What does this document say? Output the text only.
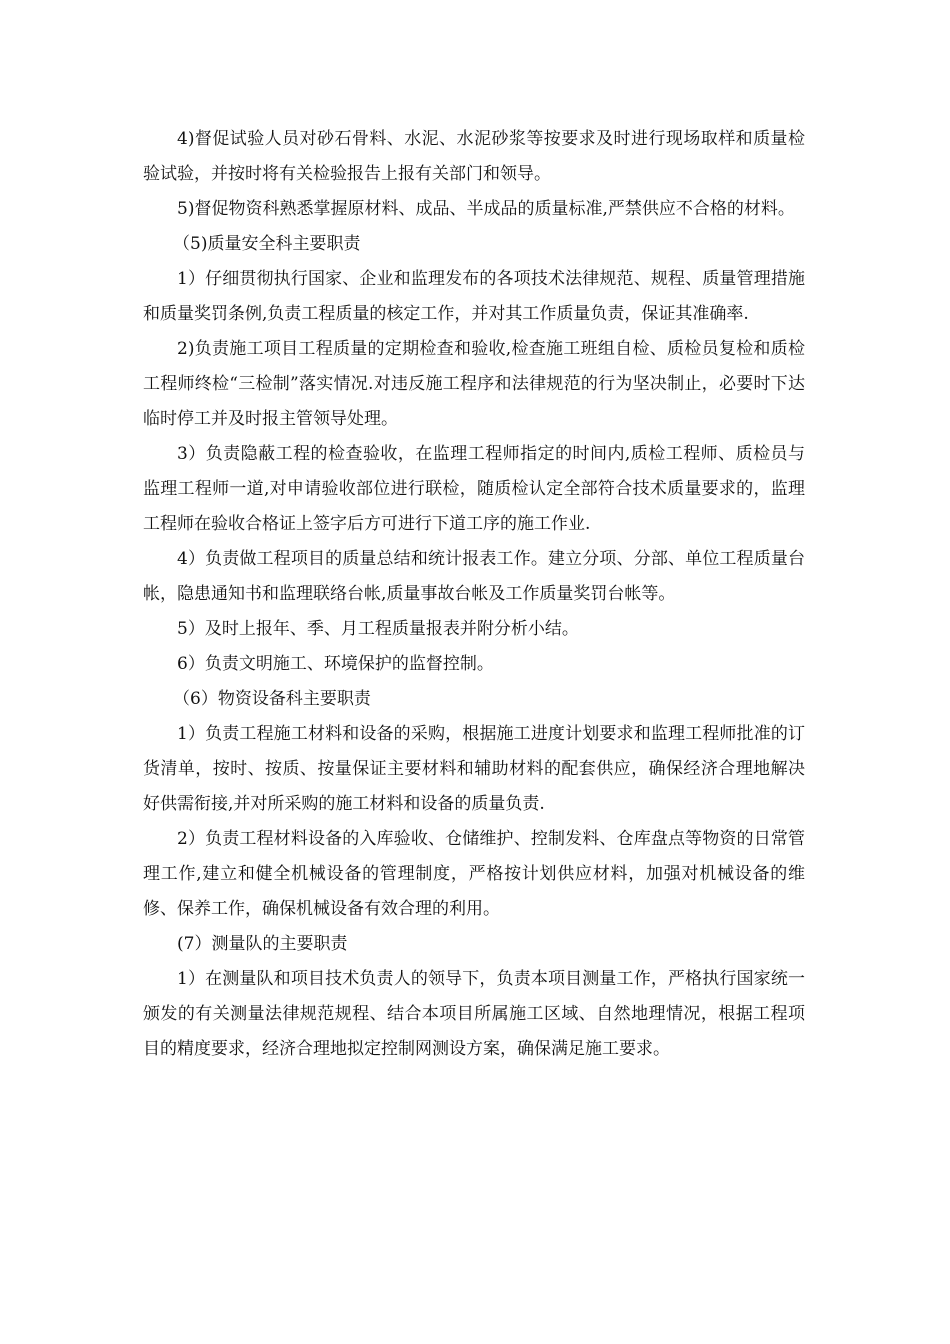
4)督促试验人员对砂石骨料、水泥、水泥砂浆等按要求及时进行现场取样和质量检验试验，并按时将有关检验报告上报有关部门和领导。

5)督促物资科熟悉掌握原材料、成品、半成品的质量标准,严禁供应不合格的材料。

（5)质量安全科主要职责

1）仔细贯彻执行国家、企业和监理发布的各项技术法律规范、规程、质量管理措施和质量奖罚条例,负责工程质量的核定工作，并对其工作质量负责，保证其准确率.

2)负责施工项目工程质量的定期检查和验收,检查施工班组自检、质检员复检和质检工程师终检“三检制”落实情况.对违反施工程序和法律规范的行为坚决制止，必要时下达临时停工并及时报主管领导处理。

3）负责隐蔽工程的检查验收，在监理工程师指定的时间内,质检工程师、质检员与监理工程师一道,对申请验收部位进行联检，随质检认定全部符合技术质量要求的，监理工程师在验收合格证上签字后方可进行下道工序的施工作业.

4）负责做工程项目的质量总结和统计报表工作。建立分项、分部、单位工程质量台帐，隐患通知书和监理联络台帐,质量事故台帐及工作质量奖罚台帐等。

5）及时上报年、季、月工程质量报表并附分析小结。

6）负责文明施工、环境保护的监督控制。

（6）物资设备科主要职责

1）负责工程施工材料和设备的采购，根据施工进度计划要求和监理工程师批准的订货清单，按时、按质、按量保证主要材料和辅助材料的配套供应，确保经济合理地解决好供需衔接,并对所采购的施工材料和设备的质量负责.

2）负责工程材料设备的入库验收、仓储维护、控制发料、仓库盘点等物资的日常管理工作,建立和健全机械设备的管理制度，严格按计划供应材料，加强对机械设备的维修、保养工作，确保机械设备有效合理的利用。

(7）测量队的主要职责

1）在测量队和项目技术负责人的领导下，负责本项目测量工作，严格执行国家统一颁发的有关测量法律规范规程、结合本项目所属施工区域、自然地理情况，根据工程项目的精度要求，经济合理地拟定控制网测设方案，确保满足施工要求。
